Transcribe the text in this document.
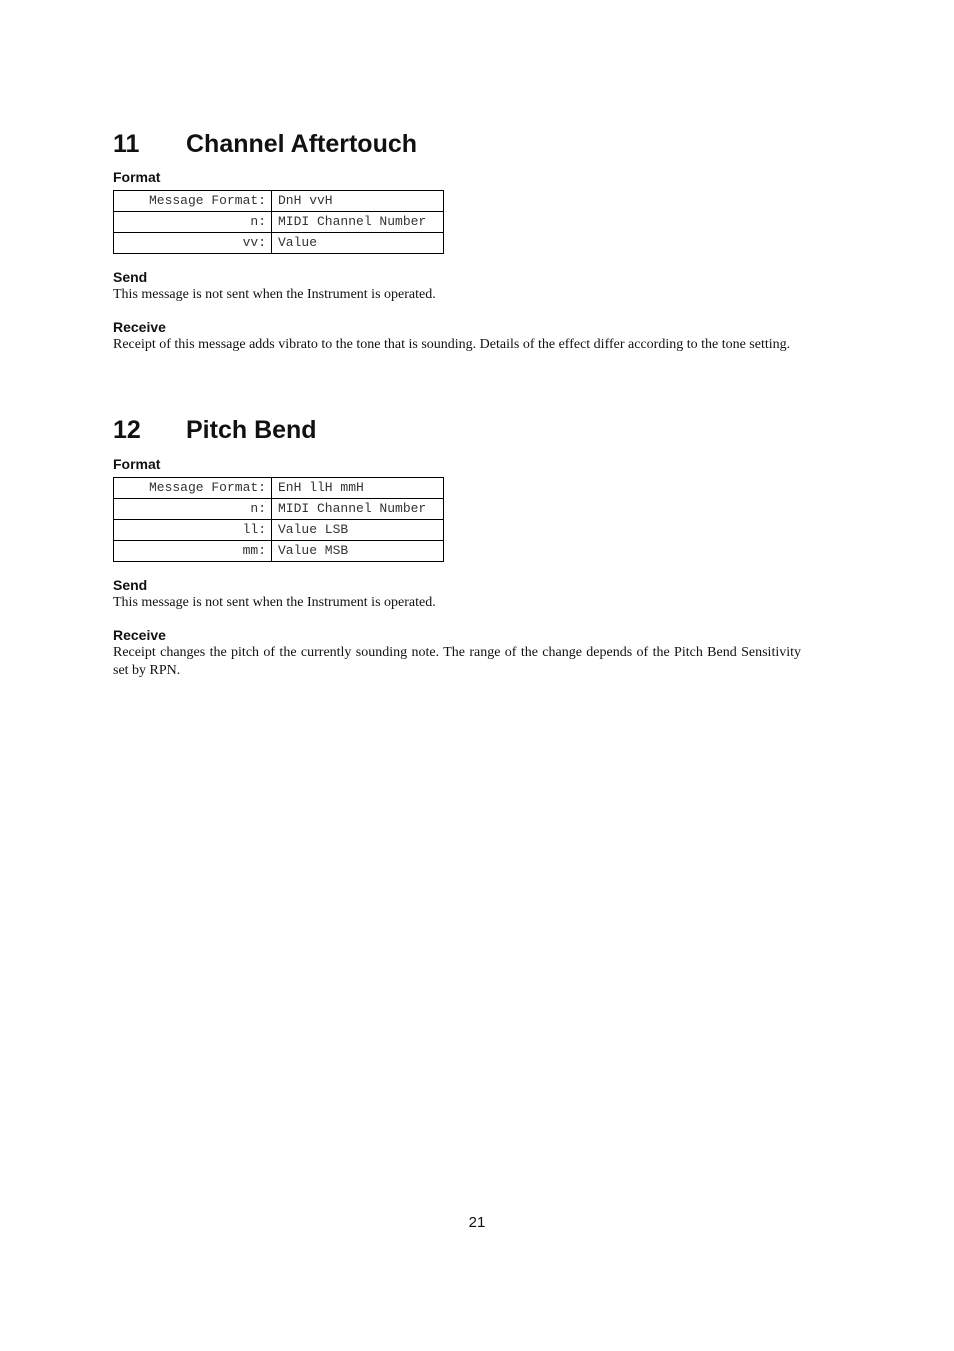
11	Channel Aftertouch
Format
Message Format:	DnH vvH
n:	MIDI Channel Number
vv:	Value
Send

This message is not sent when the Instrument is operated.

Receive

Receipt of this message adds vibrato to the tone that is sounding. Details of the effect differ according to the tone setting.

12	Pitch Bend
Format
Message Format:	EnH llH mmH
n:	MIDI Channel Number
ll:	Value LSB
mm:	Value MSB
Send

This message is not sent when the Instrument is operated.

Receive

Receipt changes the pitch of the currently sounding note. The range of the change depends of the Pitch Bend Sensitivity set by RPN.

21
